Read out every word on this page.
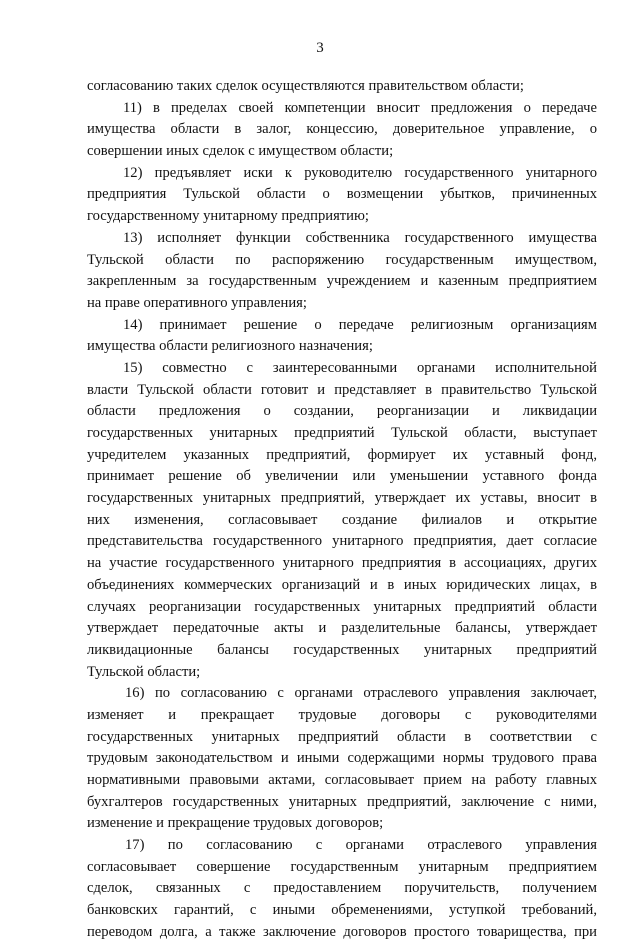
3
согласованию таких сделок осуществляются правительством области;
11) в пределах своей компетенции вносит предложения о передаче
имущества области в залог, концессию, доверительное управление, о
совершении иных сделок с имуществом области;
12) предъявляет иски к руководителю государственного унитарного
предприятия Тульской области о возмещении убытков, причиненных
государственному унитарному предприятию;
13) исполняет функции собственника государственного имущества
Тульской области по распоряжению государственным имуществом,
закрепленным за государственным учреждением и казенным предприятием
на праве оперативного управления;
14) принимает решение о передаче религиозным организациям
имущества области религиозного назначения;
15) совместно с заинтересованными органами исполнительной
власти Тульской области готовит и представляет в правительство Тульской
области предложения о создании, реорганизации и ликвидации
государственных унитарных предприятий Тульской области, выступает
учредителем указанных предприятий, формирует их уставный фонд,
принимает решение об увеличении или уменьшении уставного фонда
государственных унитарных предприятий, утверждает их уставы, вносит в
них изменения, согласовывает создание филиалов и открытие
представительства государственного унитарного предприятия, дает согласие
на участие государственного унитарного предприятия в ассоциациях, других
объединениях коммерческих организаций и в иных юридических лицах, в
случаях реорганизации государственных унитарных предприятий области
утверждает передаточные акты и разделительные балансы, утверждает
ликвидационные балансы государственных унитарных предприятий
Тульской области;
16) по согласованию с органами отраслевого управления заключает,
изменяет и прекращает трудовые договоры с руководителями
государственных унитарных предприятий области в соответствии с
трудовым законодательством и иными содержащими нормы трудового права
нормативными правовыми актами, согласовывает прием на работу главных
бухгалтеров государственных унитарных предприятий, заключение с ними,
изменение и прекращение трудовых договоров;
17) по согласованию с органами отраслевого управления
согласовывает совершение государственным унитарным предприятием
сделок, связанных с предоставлением поручительств, получением
банковских гарантий, с иными обременениями, уступкой требований,
переводом долга, а также заключение договоров простого товарищества, при
